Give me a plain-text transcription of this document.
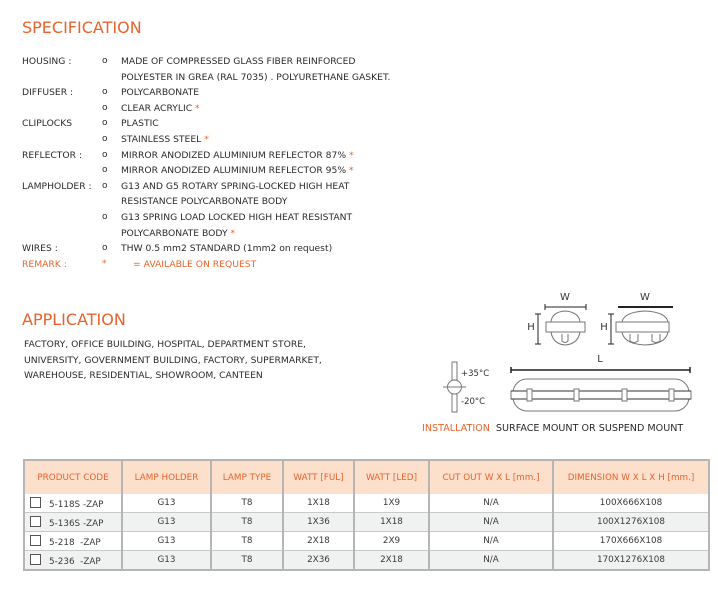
SPECIFICATION
HOUSING :	o MADE OF COMPRESSED GLASS FIBER REINFORCED
POLYESTER IN GREA (RAL 7035) . POLYURETHANE GASKET.
DIFFUSER :	o POLYCARBONATE
o CLEAR ACRYLIC *
CLIPLOCKS	o PLASTIC
o STAINLESS STEEL *
REFLECTOR : o MIRROR ANODIZED ALUMINIUM REFLECTOR 87% *
o MIRROR ANODIZED ALUMINIUM REFLECTOR 95% *
LAMPHOLDER : o G13 AND G5 ROTARY SPRING-LOCKED HIGH HEAT
RESISTANCE POLYCARBONATE BODY
o G13 SPRING LOAD LOCKED HIGH HEAT RESISTANT
POLYCARBONATE BODY *
WIRES :	o THW 0.5 mm2 STANDARD (1mm2 on request)
REMARK :	*	= AVAILABLE ON REQUEST
APPLICATION
FACTORY, OFFICE BUILDING, HOSPITAL, DEPARTMENT STORE,
UNIVERSITY, GOVERNMENT BUILDING, FACTORY, SUPERMARKET,
WAREHOUSE, RESIDENTIAL, SHOWROOM, CANTEEN
W
H
W
H
L
+35°C
-20°C
INSTALLATION SURFACE MOUNT OR SUSPEND MOUNT
PRODUCT CODE	LAMP HOLDER	LAMP TYPE	WATT [FUL]	WATT [LED]	CUT OUT W X L [mm.]	DIMENSION W X L X H [mm.]
5-118S -ZAP	G13	T8	1X18	1X9	N/A	100X666X108
5-136S -ZAP	G13	T8	1X36	1X18	N/A	100X1276X108
5-218  -ZAP	G13	T8	2X18	2X9	N/A	170X666X108
5-236  -ZAP	G13	T8	2X36	2X18	N/A	170X1276X108
